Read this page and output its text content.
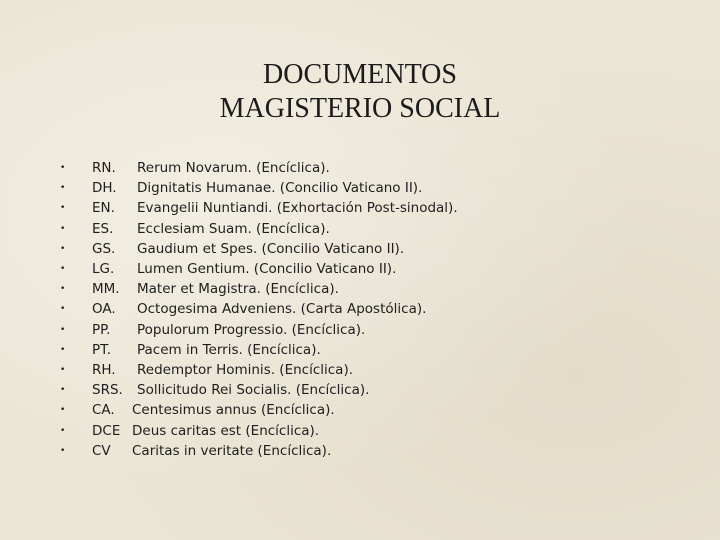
DOCUMENTOS
MAGISTERIO SOCIAL
•	RN.	Rerum Novarum. (Encíclica).
•	DH.	Dignitatis Humanae. (Concilio Vaticano II).
•	EN.	Evangelii Nuntiandi. (Exhortación Post-sinodal).
•	ES.	Ecclesiam Suam. (Encíclica).
•	GS.	Gaudium et Spes. (Concilio Vaticano II).
•	LG.	Lumen Gentium. (Concilio Vaticano II).
•	MM.	Mater et Magistra. (Encíclica).
•	OA.	Octogesima Adveniens. (Carta Apostólica).
•	PP.	Populorum Progressio. (Encíclica).
•	PT.	Pacem in Terris. (Encíclica).
•	RH.	Redemptor Hominis. (Encíclica).
•	SRS.	Sollicitudo Rei Socialis. (Encíclica).
•	CA.	Centesimus annus (Encíclica).
•	DCE Deus caritas est (Encíclica).
•	CV	Caritas in veritate (Encíclica).
